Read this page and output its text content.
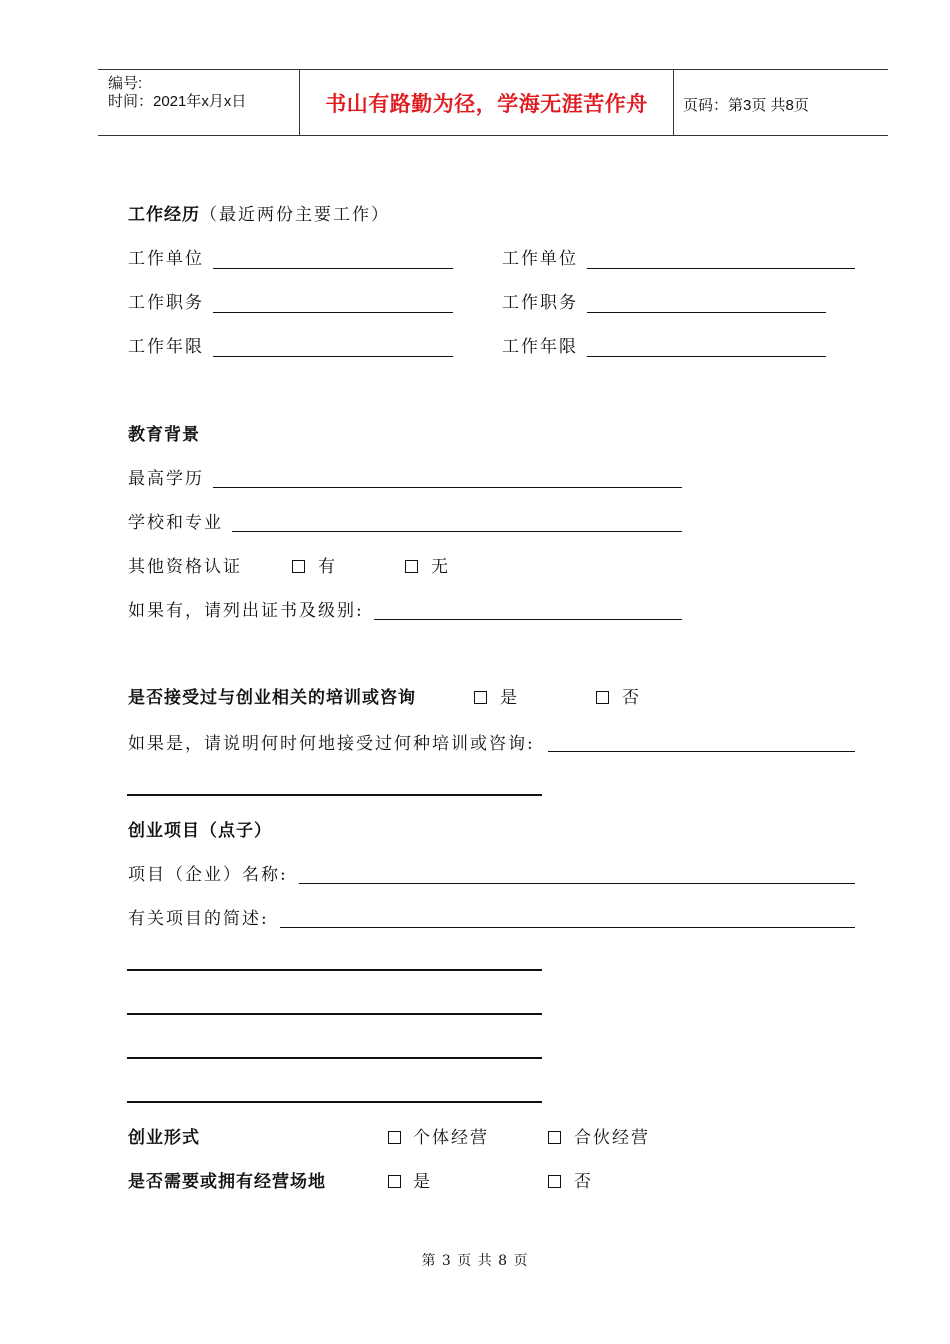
编号:
时间：2021年x月x日	书山有路勤为径，学海无涯苦作舟	页码：第3页 共8页
工作经历（最近两份主要工作）
工作单位	工作单位
工作职务	工作职务
工作年限	工作年限
教育背景
最高学历
学校和专业
其他资格认证	有	无
如果有，请列出证书及级别:
是否接受过与创业相关的培训或咨询	是	否
如果是，请说明何时何地接受过何种培训或咨询:
创业项目（点子）
项目（企业）名称:
有关项目的简述:
创业形式	个体经营	合伙经营
是否需要或拥有经营场地	是	否
第 3 页 共 8 页
